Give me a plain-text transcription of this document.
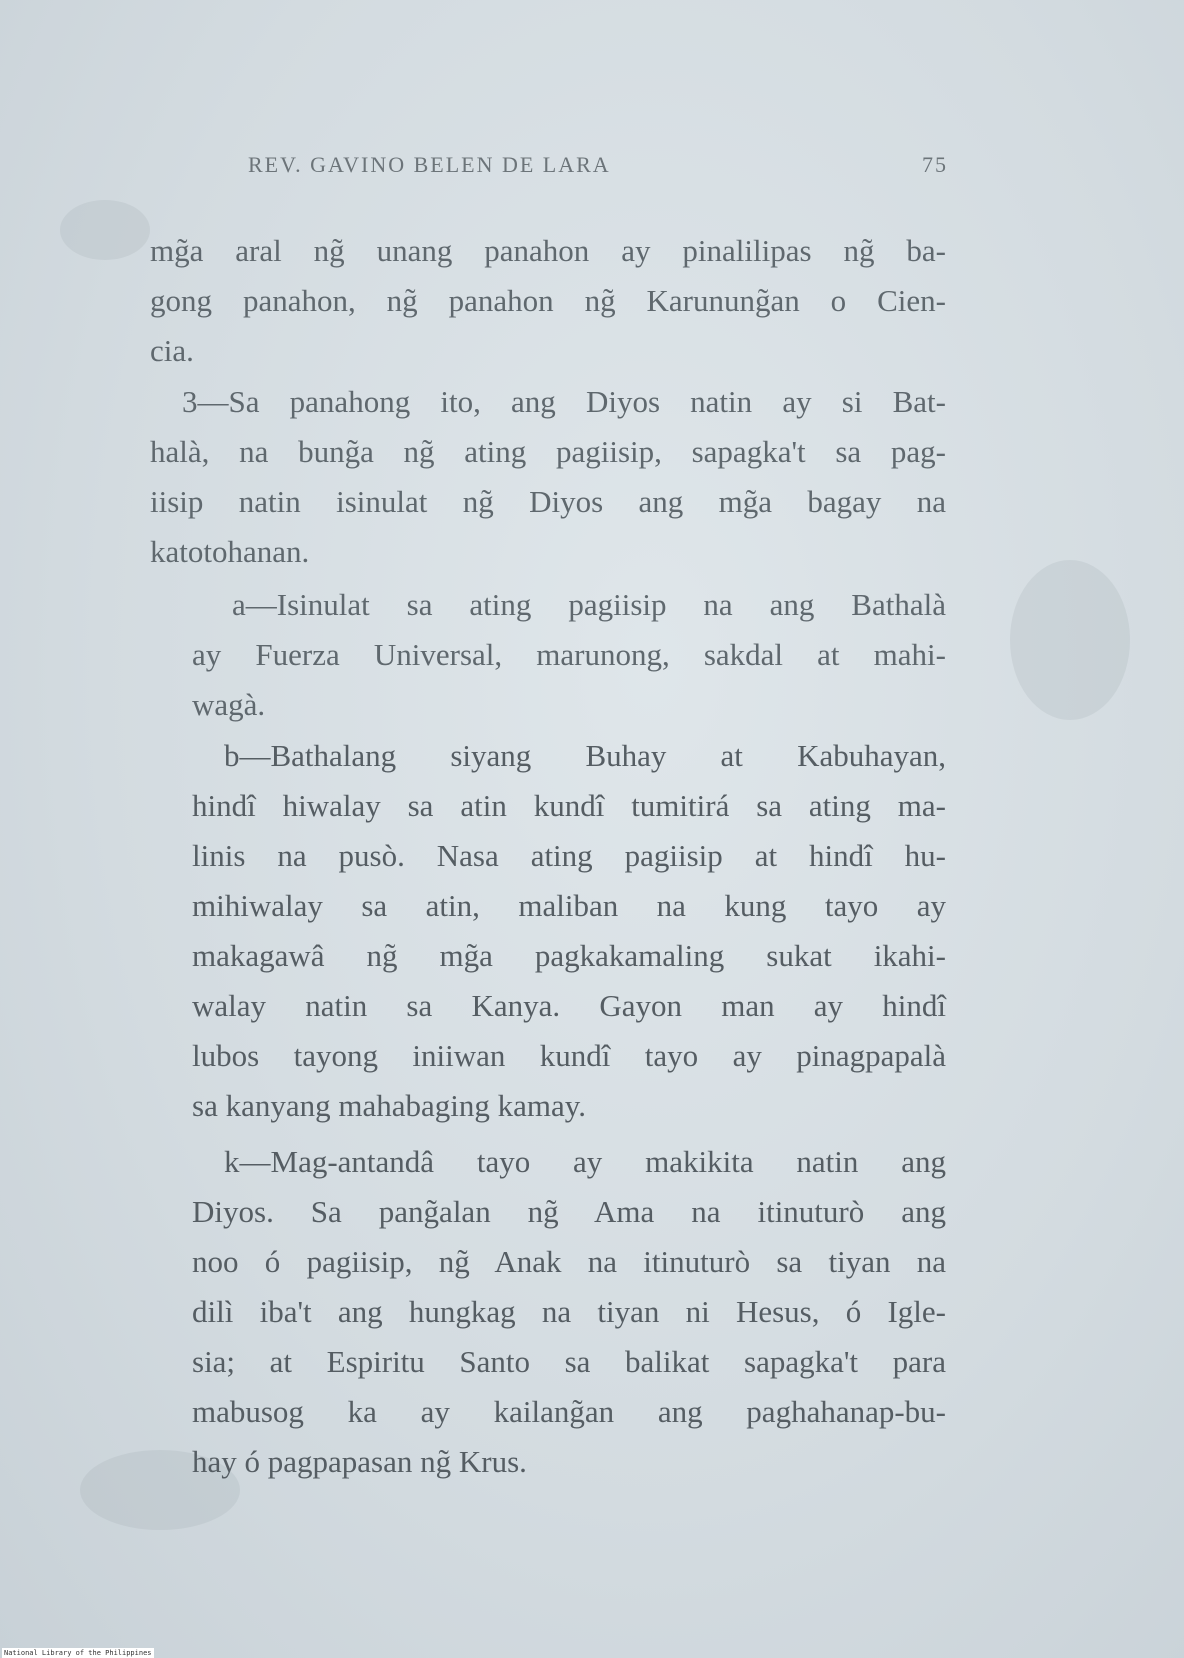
REV. GAVINO BELEN DE LARA	75
mg̃a aral ng̃ unang panahon ay pinalilipas ng̃ ba-
gong panahon, ng̃ panahon ng̃ Karunung̃an o Cien-
cia.
3—Sa panahong ito, ang Diyos natin ay si Bat-
halà, na bung̃a ng̃ ating pagiisip, sapagka't sa pag-
iisip natin isinulat ng̃ Diyos ang mg̃a bagay na
katotohanan.
a—Isinulat sa ating pagiisip na ang Bathalà
ay Fuerza Universal, marunong, sakdal at mahi-
wagà.
b—Bathalang siyang Buhay at Kabuhayan,
hindî hiwalay sa atin kundî tumitirá sa ating ma-
linis na pusò. Nasa ating pagiisip at hindî hu-
mihiwalay sa atin, maliban na kung tayo ay
makagawâ ng̃ mg̃a pagkakamaling sukat ikahi-
walay natin sa Kanya. Gayon man ay hindî
lubos tayong iniiwan kundî tayo ay pinagpapalà
sa kanyang mahabaging kamay.
k—Mag-antandâ tayo ay makikita natin ang
Diyos. Sa pang̃alan ng̃ Ama na itinuturò ang
noo ó pagiisip, ng̃ Anak na itinuturò sa tiyan na
dilì iba't ang hungkag na tiyan ni Hesus, ó Igle-
sia; at Espiritu Santo sa balikat sapagka't para
mabusog ka ay kailang̃an ang paghahanap-bu-
hay ó pagpapasan ng̃ Krus.
National Library of the Philippines
